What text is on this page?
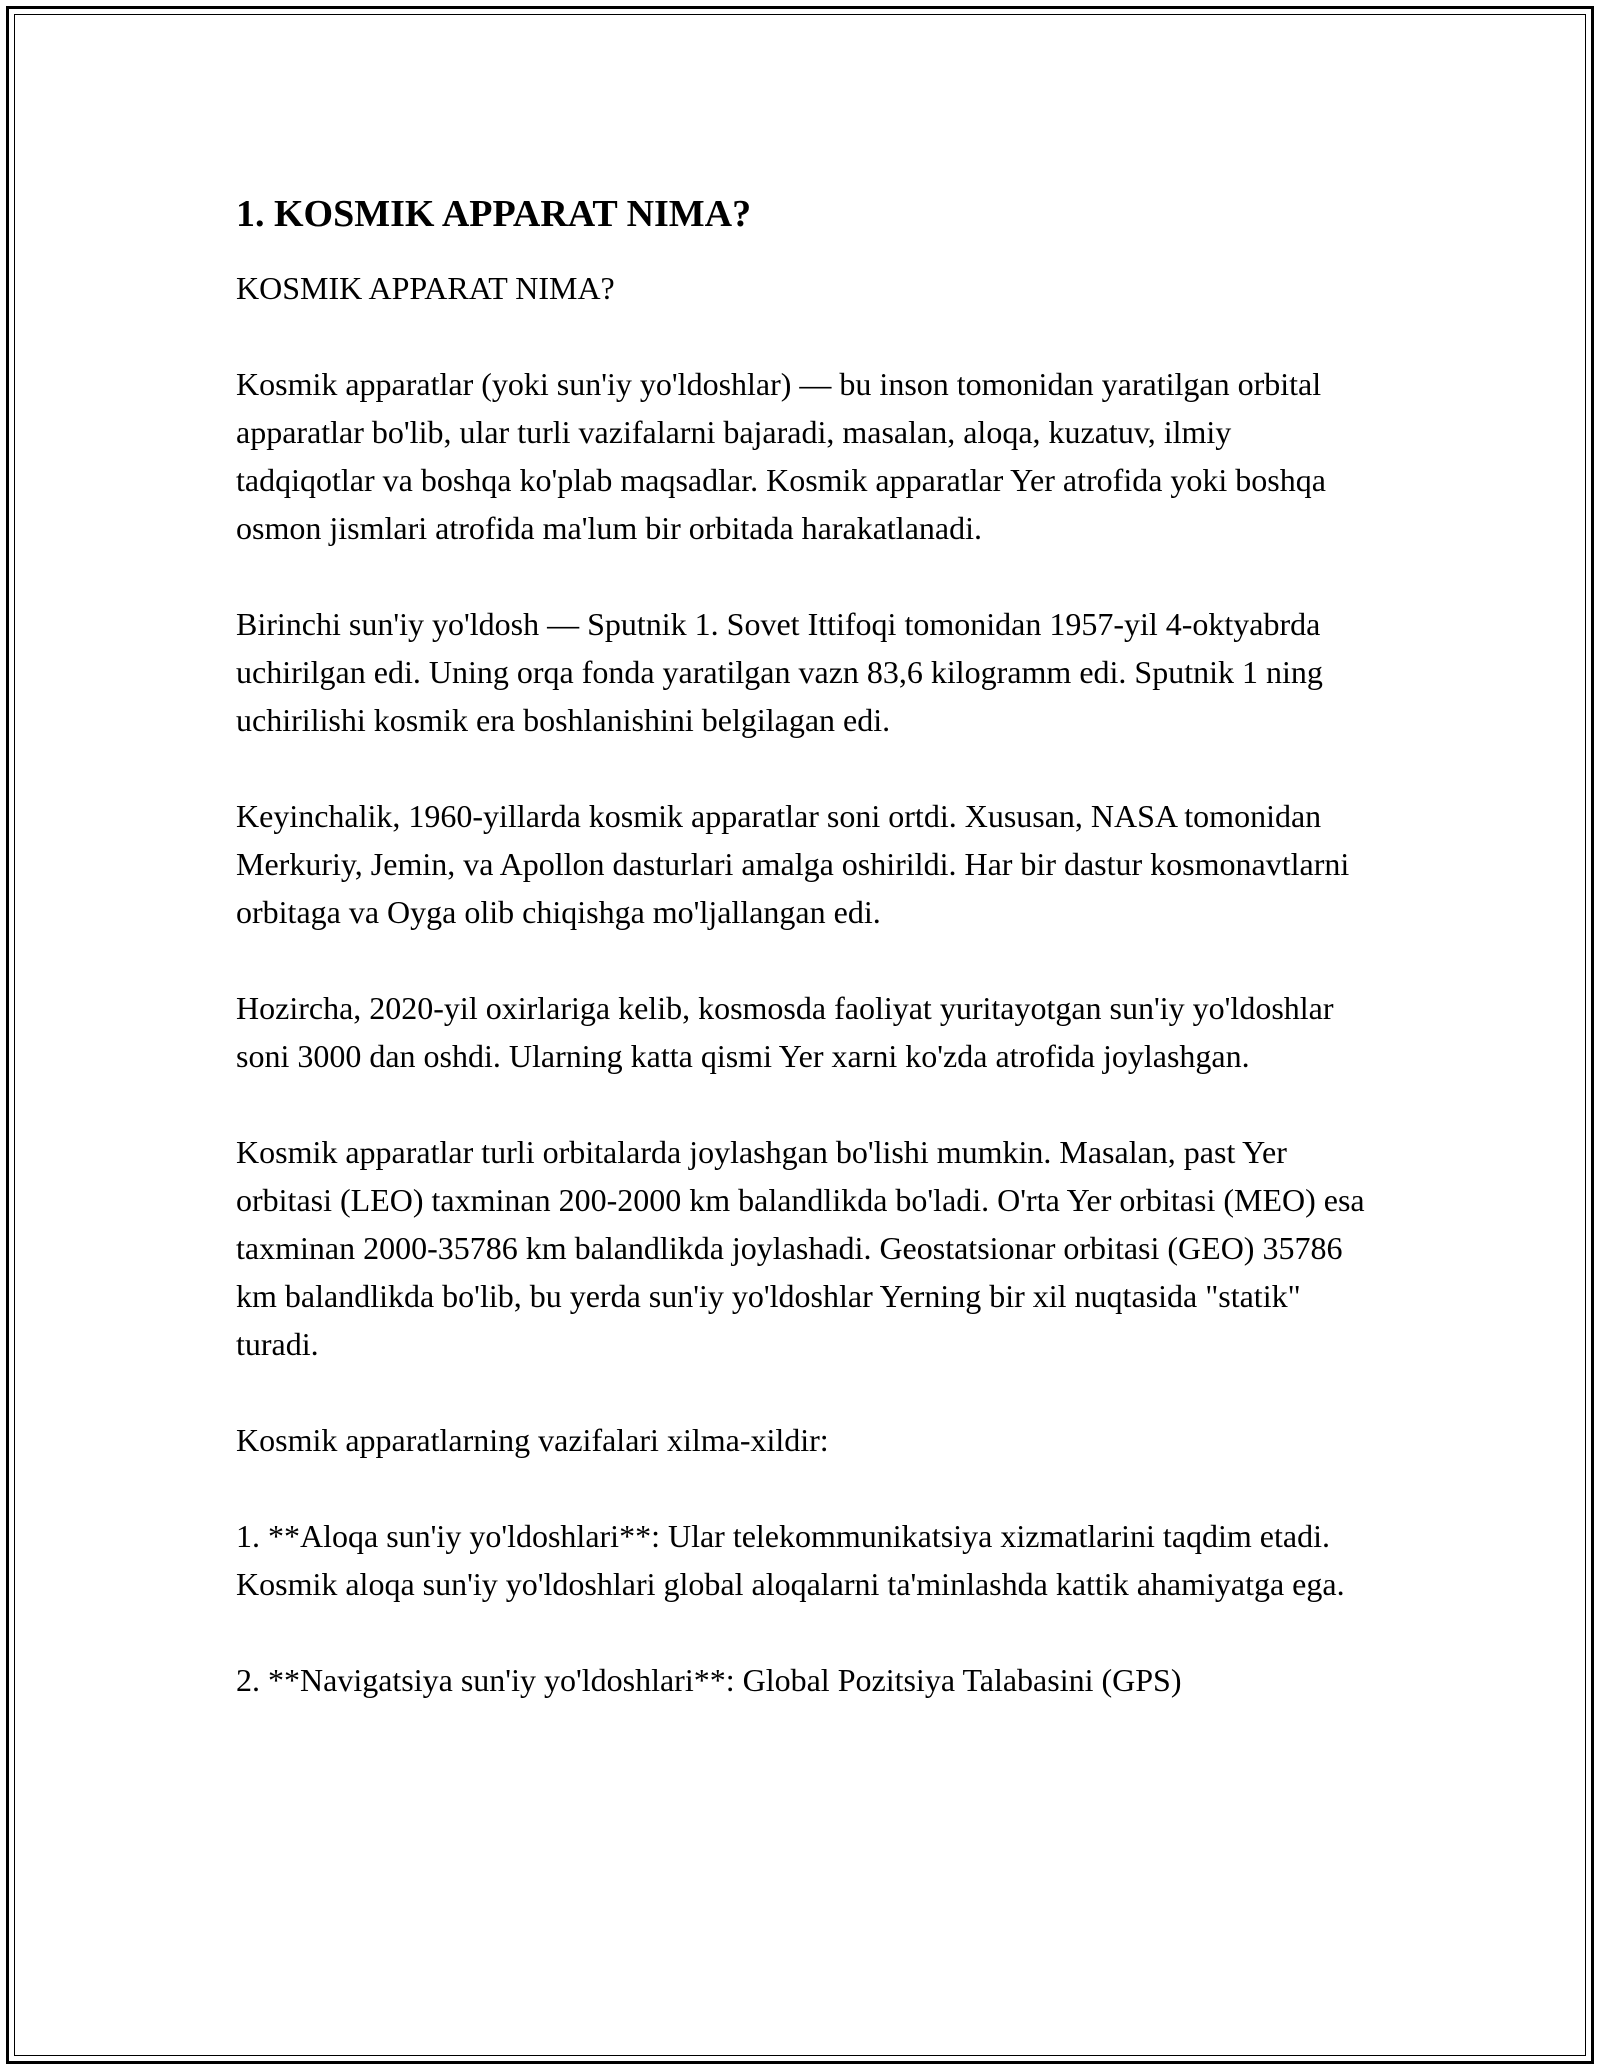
1. KOSMIK APPARAT NIMA?

KOSMIK APPARAT NIMA?

Kosmik apparatlar (yoki sun'iy yo'ldoshlar) — bu inson tomonidan yaratilgan orbital apparatlar bo'lib, ular turli vazifalarni bajaradi, masalan, aloqa, kuzatuv, ilmiy tadqiqotlar va boshqa ko'plab maqsadlar. Kosmik apparatlar Yer atrofida yoki boshqa osmon jismlari atrofida ma'lum bir orbitada harakatlanadi.

Birinchi sun'iy yo'ldosh — Sputnik 1. Sovet Ittifoqi tomonidan 1957-yil 4-oktyabrda uchirilgan edi. Uning orqa fonda yaratilgan vazn 83,6 kilogramm edi. Sputnik 1 ning uchirilishi kosmik era boshlanishini belgilagan edi.

Keyinchalik, 1960-yillarda kosmik apparatlar soni ortdi. Xususan, NASA tomonidan Merkuriy, Jemin, va Apollon dasturlari amalga oshirildi. Har bir dastur kosmonavtlarni orbitaga va Oyga olib chiqishga mo'ljallangan edi.

Hozircha, 2020-yil oxirlariga kelib, kosmosda faoliyat yuritayotgan sun'iy yo'ldoshlar soni 3000 dan oshdi. Ularning katta qismi Yer xarni ko'zda atrofida joylashgan.

Kosmik apparatlar turli orbitalarda joylashgan bo'lishi mumkin. Masalan, past Yer orbitasi (LEO) taxminan 200-2000 km balandlikda bo'ladi. O'rta Yer orbitasi (MEO) esa taxminan 2000-35786 km balandlikda joylashadi. Geostatsionar orbitasi (GEO) 35786 km balandlikda bo'lib, bu yerda sun'iy yo'ldoshlar Yerning bir xil nuqtasida "statik" turadi.

Kosmik apparatlarning vazifalari xilma-xildir:

1. **Aloqa sun'iy yo'ldoshlari**: Ular telekommunikatsiya xizmatlarini taqdim etadi. Kosmik aloqa sun'iy yo'ldoshlari global aloqalarni ta'minlashda kattik ahamiyatga ega.

2. **Navigatsiya sun'iy yo'ldoshlari**: Global Pozitsiya Talabasini (GPS)
